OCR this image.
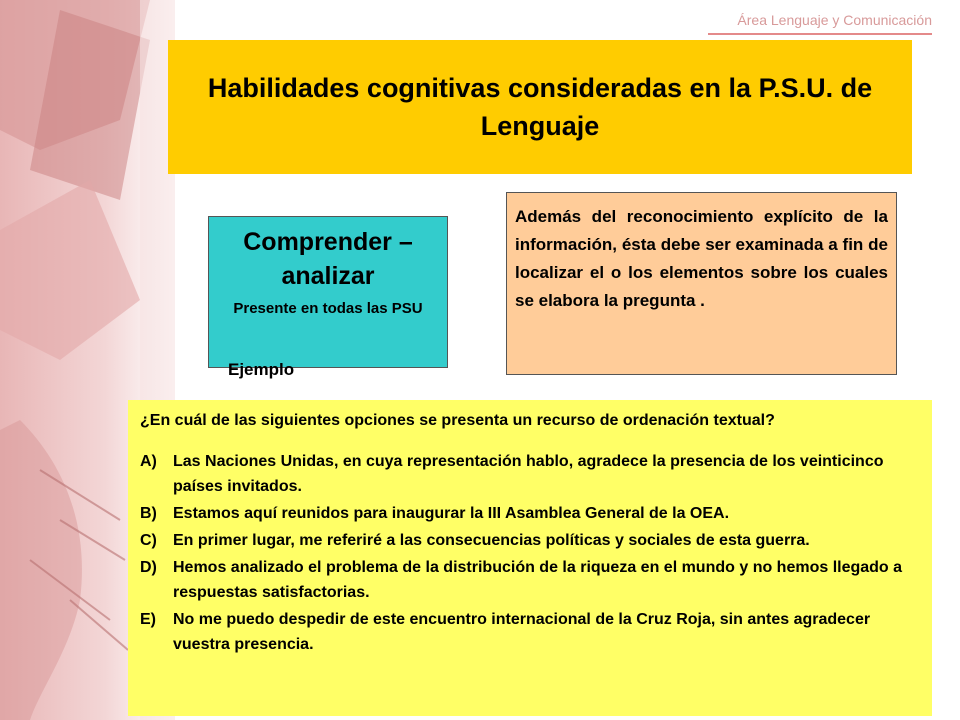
Área Lenguaje y Comunicación
Habilidades cognitivas consideradas en la P.S.U. de Lenguaje
Comprender – analizar
Presente en todas las PSU
Ejemplo
Además del reconocimiento explícito de la información, ésta debe ser examinada a fin de localizar el o los elementos sobre los cuales se elabora la pregunta .
¿En cuál de las siguientes opciones se presenta un recurso de ordenación textual?
A)	Las Naciones Unidas, en cuya representación hablo, agradece la presencia de los veinticinco países invitados.
B)	Estamos aquí reunidos para inaugurar la III Asamblea General de la OEA.
C)	En primer lugar, me referiré a las consecuencias políticas y sociales de esta guerra.
D)	Hemos analizado el problema de la distribución de la riqueza en el mundo y no hemos llegado a respuestas satisfactorias.
E)	No me puedo despedir de este encuentro internacional de la Cruz Roja, sin antes agradecer vuestra presencia.
